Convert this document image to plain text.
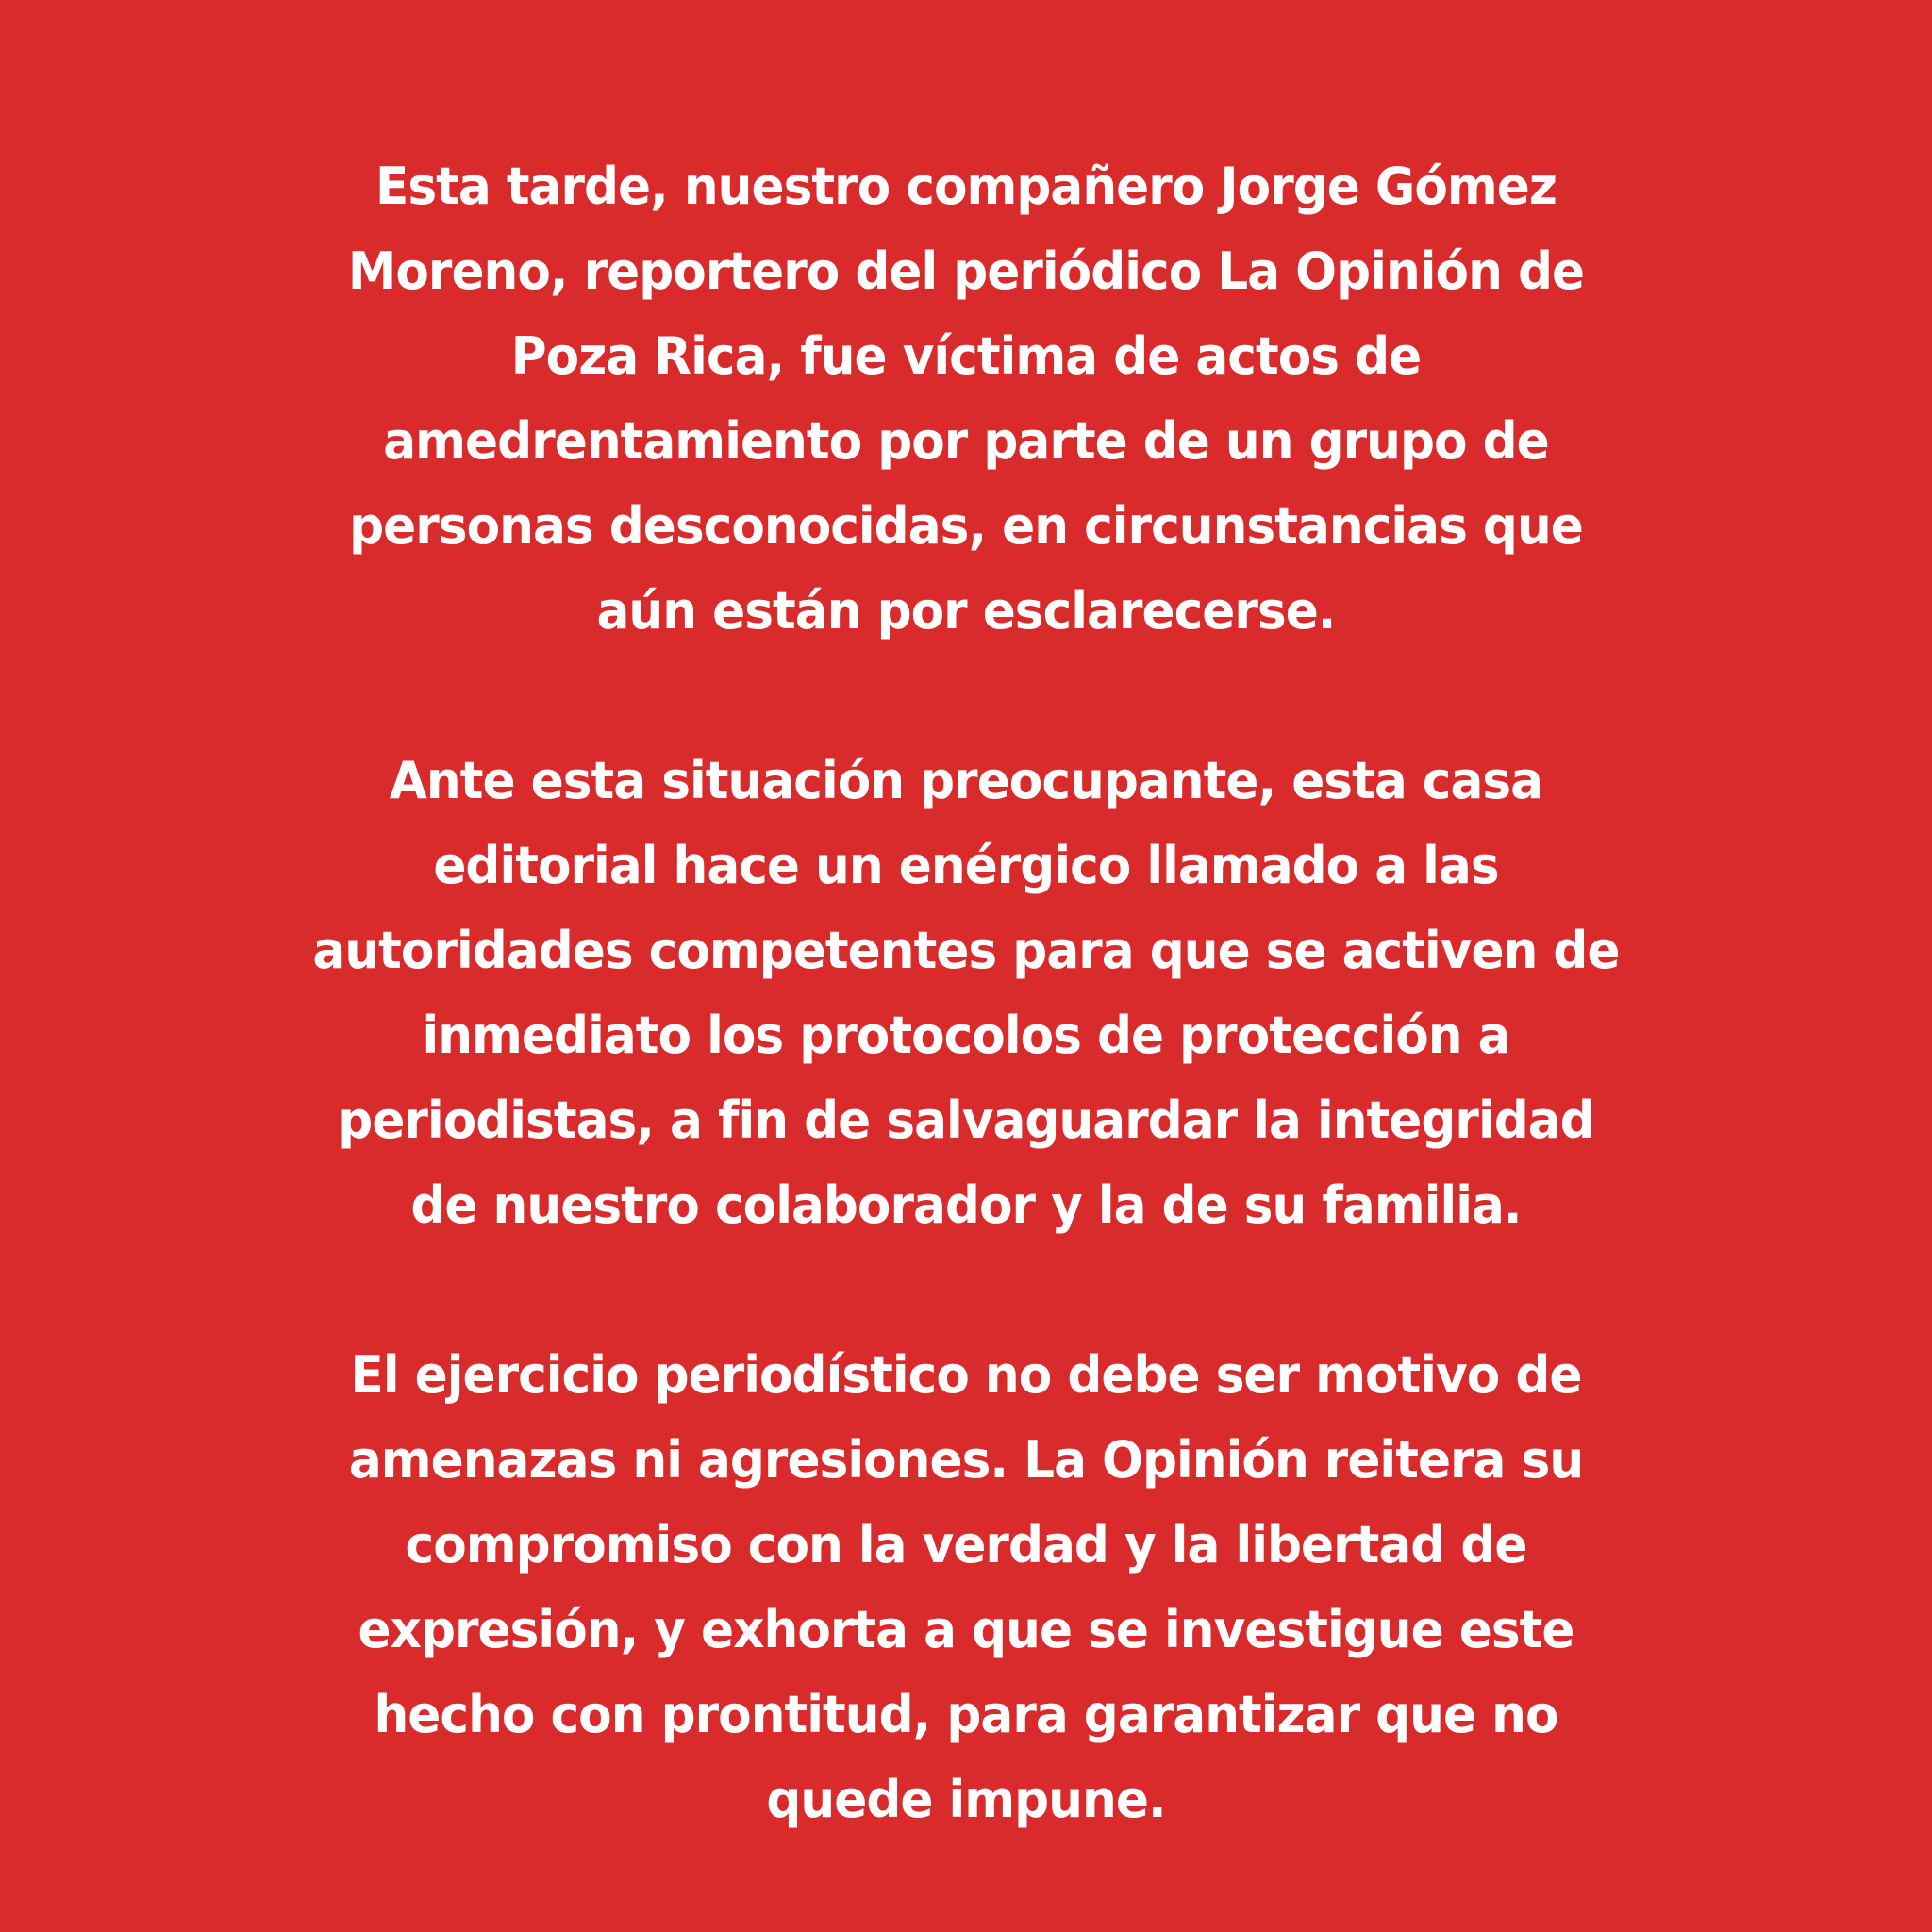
Esta tarde, nuestro compañero Jorge Gómez
Moreno, reportero del periódico La Opinión de
Poza Rica, fue víctima de actos de
amedrentamiento por parte de un grupo de
personas desconocidas, en circunstancias que
aún están por esclarecerse.

Ante esta situación preocupante, esta casa
editorial hace un enérgico llamado a las
autoridades competentes para que se activen de
inmediato los protocolos de protección a
periodistas, a fin de salvaguardar la integridad
de nuestro colaborador y la de su familia.

El ejercicio periodístico no debe ser motivo de
amenazas ni agresiones. La Opinión reitera su
compromiso con la verdad y la libertad de
expresión, y exhorta a que se investigue este
hecho con prontitud, para garantizar que no
quede impune.
